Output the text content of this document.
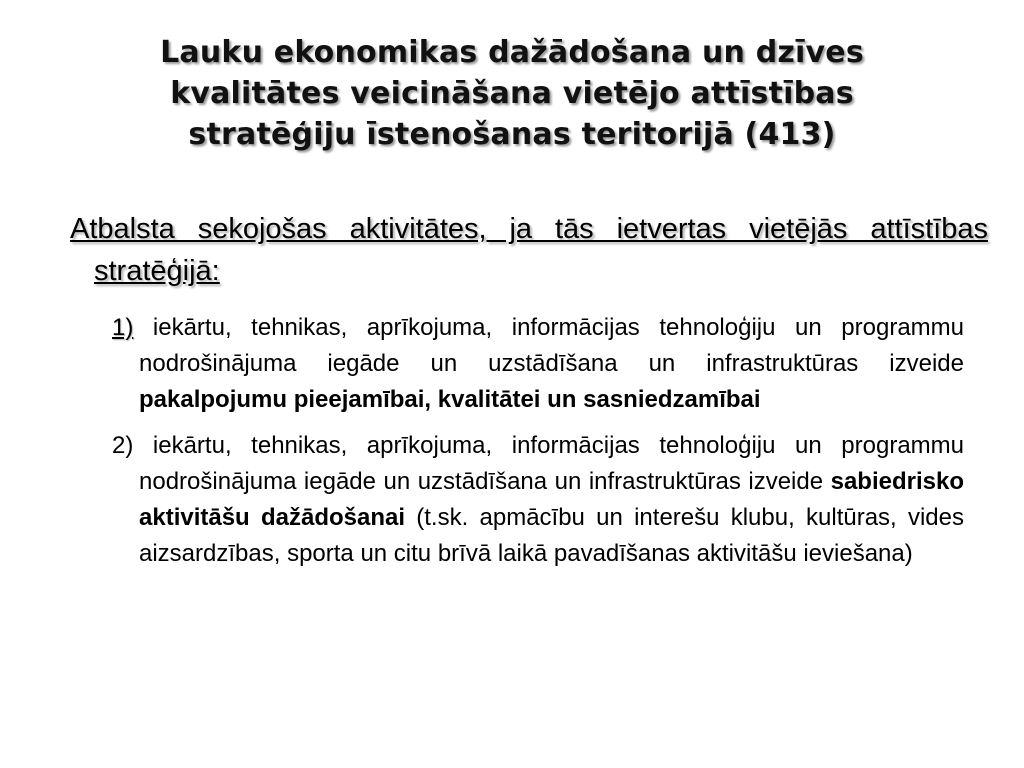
Lauku ekonomikas dažādošana un dzīves kvalitātes veicināšana vietējo attīstības stratēģiju īstenošanas teritorijā (413)

Atbalsta sekojošas aktivitātes, ja tās ietvertas vietējās attīstības stratēģijā:

1) iekārtu, tehnikas, aprīkojuma, informācijas tehnoloģiju un programmu nodrošinājuma iegāde un uzstādīšana un infrastruktūras izveide pakalpojumu pieejamībai, kvalitātei un sasniedzamībai
2) iekārtu, tehnikas, aprīkojuma, informācijas tehnoloģiju un programmu nodrošinājuma iegāde un uzstādīšana un infrastruktūras izveide sabiedrisko aktivitāšu dažādošanai (t.sk. apmācību un interešu klubu, kultūras, vides aizsardzības, sporta un citu brīvā laikā pavadīšanas aktivitāšu ieviešana)
